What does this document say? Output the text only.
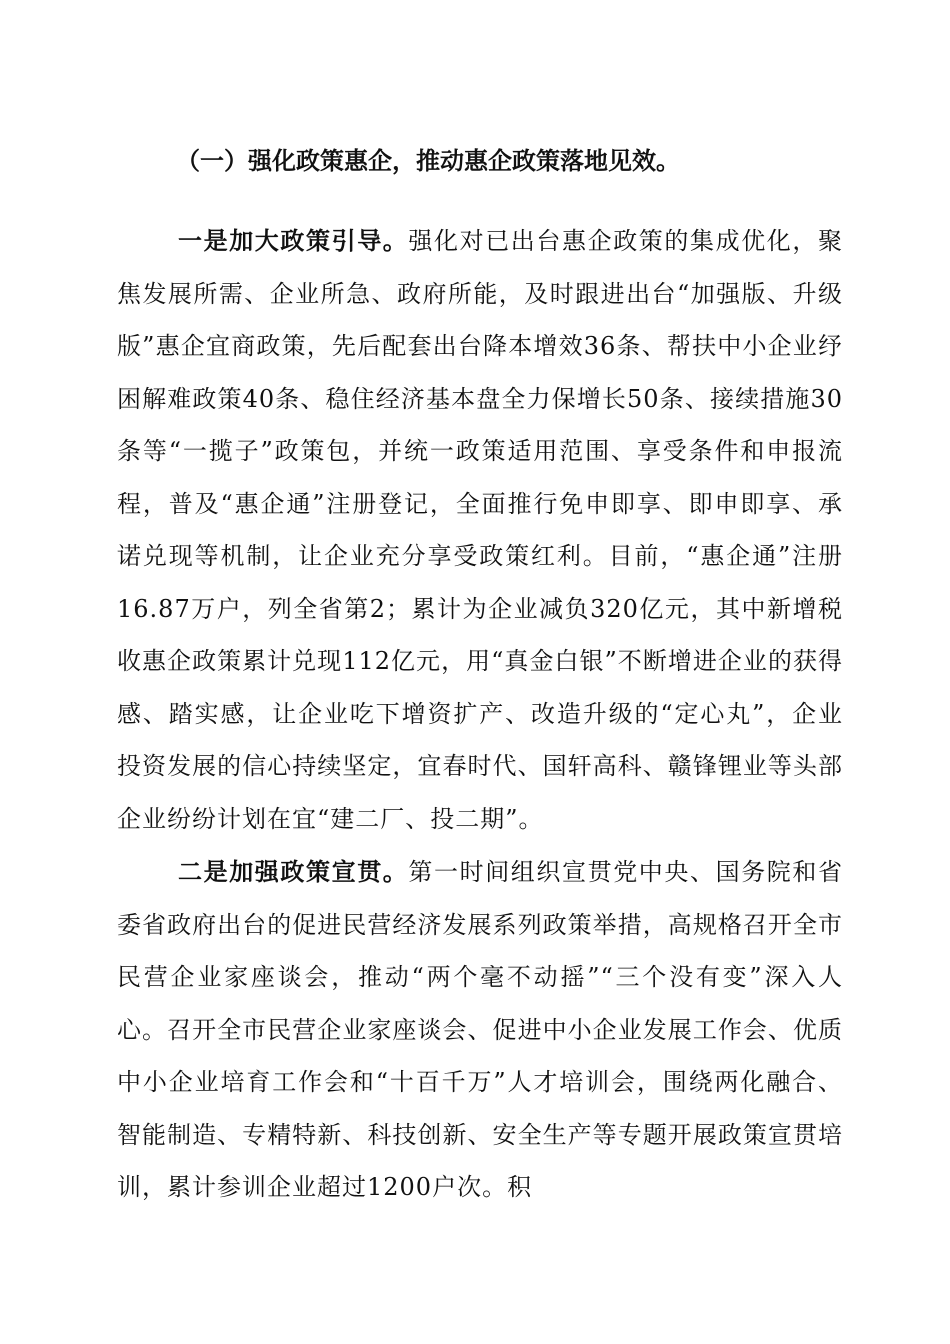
（一）强化政策惠企，推动惠企政策落地见效。

一是加大政策引导。强化对已出台惠企政策的集成优化，聚焦发展所需、企业所急、政府所能，及时跟进出台“加强版、升级版”惠企宜商政策，先后配套出台降本增效36条、帮扶中小企业纾困解难政策40条、稳住经济基本盘全力保增长50条、接续措施30条等“一揽子”政策包，并统一政策适用范围、享受条件和申报流程，普及“惠企通”注册登记，全面推行免申即享、即申即享、承诺兑现等机制，让企业充分享受政策红利。目前，“惠企通”注册16.87万户，列全省第2；累计为企业减负320亿元，其中新增税收惠企政策累计兑现112亿元，用“真金白银”不断增进企业的获得感、踏实感，让企业吃下增资扩产、改造升级的“定心丸”，企业投资发展的信心持续坚定，宜春时代、国轩高科、赣锋锂业等头部企业纷纷计划在宜“建二厂、投二期”。

二是加强政策宣贯。第一时间组织宣贯党中央、国务院和省委省政府出台的促进民营经济发展系列政策举措，高规格召开全市民营企业家座谈会，推动“两个毫不动摇”“三个没有变”深入人心。召开全市民营企业家座谈会、促进中小企业发展工作会、优质中小企业培育工作会和“十百千万”人才培训会，围绕两化融合、智能制造、专精特新、科技创新、安全生产等专题开展政策宣贯培训，累计参训企业超过1200户次。积
